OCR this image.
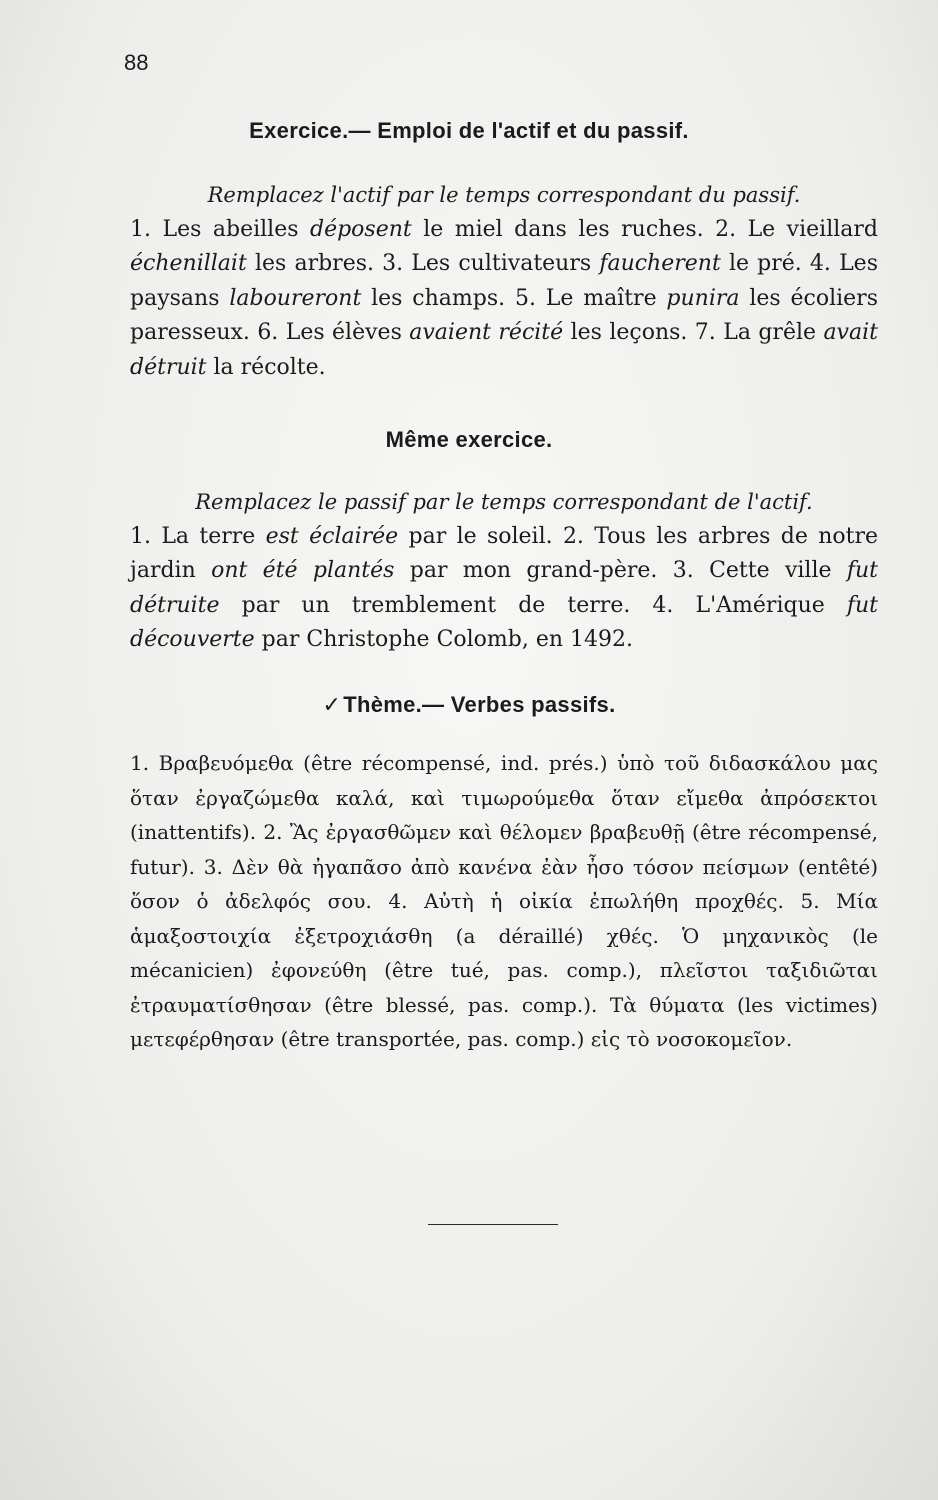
88
Exercice.— Emploi de l'actif et du passif.
Remplacez l'actif par le temps correspondant du passif.
1. Les abeilles déposent le miel dans les ruches. 2. Le vieillard échenillait les arbres. 3. Les cultivateurs faucherent le pré. 4. Les paysans laboureront les champs. 5. Le maître punira les écoliers paresseux. 6. Les élèves avaient récité les leçons. 7. La grêle avait détruit la récolte.
Même exercice.
Remplacez le passif par le temps correspondant de l'actif.
1. La terre est éclairée par le soleil. 2. Tous les arbres de notre jardin ont été plantés par mon grand-père. 3. Cette ville fut détruite par un tremblement de terre. 4. L'Amérique fut découverte par Christophe Colomb, en 1492.
✓Thème.— Verbes passifs.
1. Βραβευόμεθα (être récompensé, ind. prés.) ὑπὸ τοῦ διδασκάλου μας ὅταν ἐργαζώμεθα καλά, καὶ τιμωρούμεθα ὅταν εἴμεθα ἀπρόσεκτοι (inattentifs). 2. Ἂς ἐργασθῶμεν καὶ θέλομεν βραβευθῇ (être récompensé, futur). 3. Δὲν θὰ ἠγαπᾶσο ἀπὸ κανένα ἐὰν ἦσο τόσον πείσμων (entêté) ὅσον ὁ ἀδελφός σου. 4. Αὐτὴ ἡ οἰκία ἐπωλήθη προχθές. 5. Μία ἁμαξοστοιχία ἐξετροχιάσθη (a déraillé) χθές. Ὁ μηχανικὸς (le mécanicien) ἐφονεύθη (être tué, pas. comp.), πλεῖστοι ταξιδιῶται ἐτραυματίσθησαν (être blessé, pas. comp.). Τὰ θύματα (les victimes) μετεφέρθησαν (être transportée, pas. comp.) εἰς τὸ νοσοκομεῖον.
